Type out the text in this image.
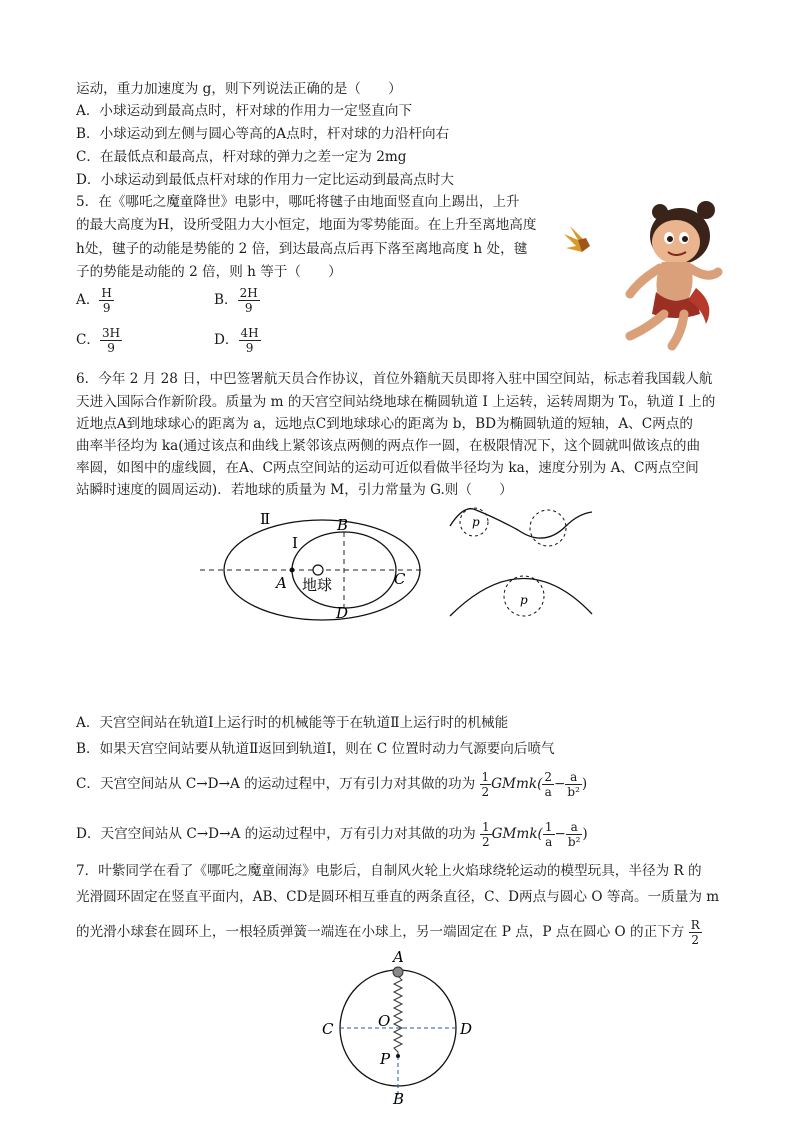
运动，重力加速度为 g，则下列说法正确的是（　　）
A．小球运动到最高点时，杆对球的作用力一定竖直向下
B．小球运动到左侧与圆心等高的A点时，杆对球的力沿杆向右
C．在最低点和最高点，杆对球的弹力之差一定为 2mg
D．小球运动到最低点杆对球的作用力一定比运动到最高点时大
5．在《哪吒之魔童降世》电影中，哪吒将毽子由地面竖直向上踢出，上升
的最大高度为H，设所受阻力大小恒定，地面为零势能面。在上升至离地高度
h处，毽子的动能是势能的 2 倍，到达最高点后再下落至离地高度 h 处，毽
子的势能是动能的 2 倍，则 h 等于（　　）
A． $\frac{H}{9}$	B． $\frac{2H}{9}$
C． $\frac{3H}{9}$	D． $\frac{4H}{9}$
6．今年 2 月 28 日，中巴签署航天员合作协议，首位外籍航天员即将入驻中国空间站，标志着我国载人航
天进入国际合作新阶段。质量为 m 的天宫空间站绕地球在椭圆轨道 I 上运转，运转周期为 T₀，轨道 I 上的
近地点A到地球球心的距离为 a，远地点C到地球球心的距离为 b，BD为椭圆轨道的短轴，A、C两点的
曲率半径均为 ka(通过该点和曲线上紧邻该点两侧的两点作一圆，在极限情况下，这个圆就叫做该点的曲
率圆，如图中的虚线圆，在A、C两点空间站的运动可近似看做半径均为 ka，速度分别为 A、C两点空间
站瞬时速度的圆周运动)．若地球的质量为 M，引力常量为 G.则（　　）
Ⅱ
Ⅰ
B
A 地球	C
D
p
p
A．天宫空间站在轨道Ⅰ上运行时的机械能等于在轨道Ⅱ上运行时的机械能
B．如果天宫空间站要从轨道Ⅱ返回到轨道Ⅰ，则在 C 位置时动力气源要向后喷气
C．天宫空间站从 C→D→A 的运动过程中，万有引力对其做的功为 $\frac{1}{2}$ GMmk( $\frac{2}{a} - \frac{a}{\text{b²}}$ )
D．天宫空间站从 C→D→A 的运动过程中，万有引力对其做的功为 $\frac{1}{2}$ GMmk( $\frac{1}{a} - \frac{a}{\text{b²}}$ )
7．叶紫同学在看了《哪吒之魔童闹海》电影后，自制风火轮上火焰球绕轮运动的模型玩具，半径为 R 的
光滑圆环固定在竖直平面内，AB、CD是圆环相互垂直的两条直径，C、D两点与圆心 O 等高。一质量为 m
的光滑小球套在圆环上，一根轻质弹簧一端连在小球上，另一端固定在 P 点，P 点在圆心 O 的正下方 $\frac{R}{2}$
A
C	D
O
P
B
